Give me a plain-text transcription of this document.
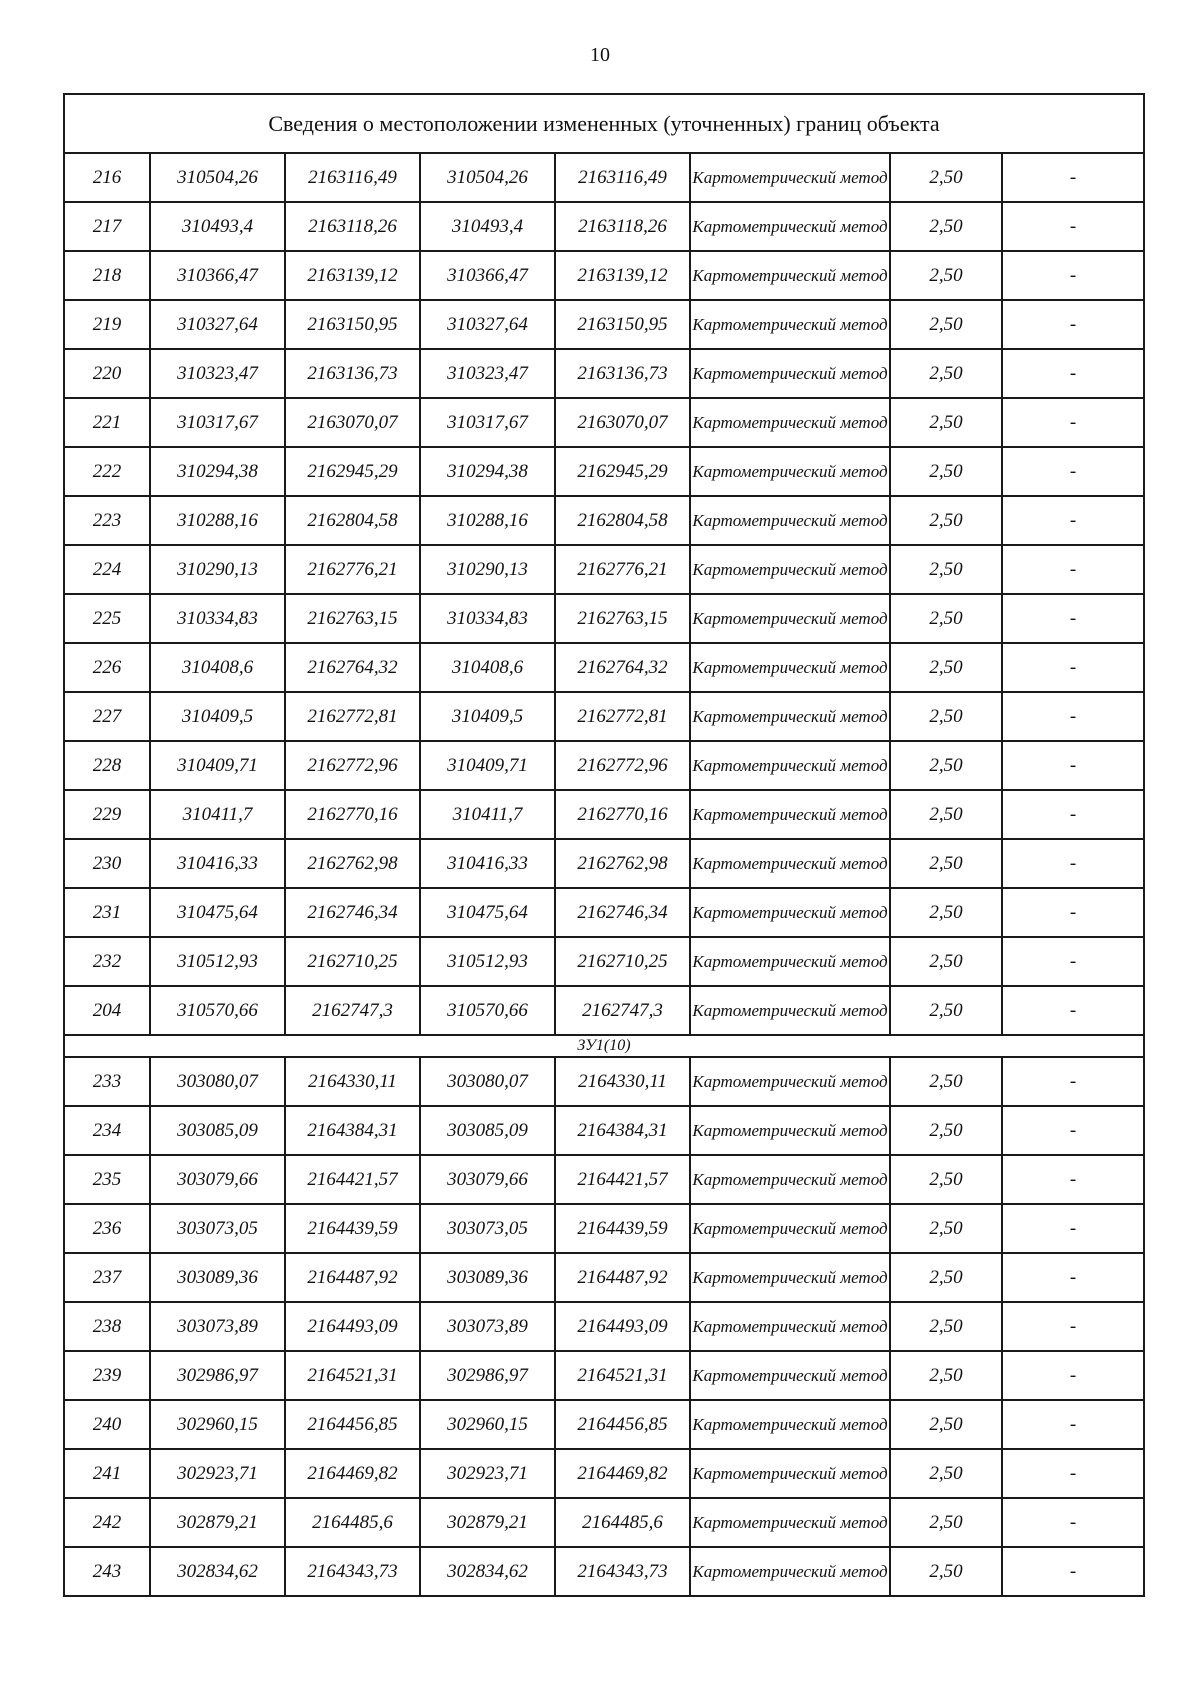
10
Сведения о местоположении измененных (уточненных) границ объекта							
216	310504,26	2163116,49	310504,26	2163116,49	Картометрический метод	2,50	-
217	310493,4	2163118,26	310493,4	2163118,26	Картометрический метод	2,50	-
218	310366,47	2163139,12	310366,47	2163139,12	Картометрический метод	2,50	-
219	310327,64	2163150,95	310327,64	2163150,95	Картометрический метод	2,50	-
220	310323,47	2163136,73	310323,47	2163136,73	Картометрический метод	2,50	-
221	310317,67	2163070,07	310317,67	2163070,07	Картометрический метод	2,50	-
222	310294,38	2162945,29	310294,38	2162945,29	Картометрический метод	2,50	-
223	310288,16	2162804,58	310288,16	2162804,58	Картометрический метод	2,50	-
224	310290,13	2162776,21	310290,13	2162776,21	Картометрический метод	2,50	-
225	310334,83	2162763,15	310334,83	2162763,15	Картометрический метод	2,50	-
226	310408,6	2162764,32	310408,6	2162764,32	Картометрический метод	2,50	-
227	310409,5	2162772,81	310409,5	2162772,81	Картометрический метод	2,50	-
228	310409,71	2162772,96	310409,71	2162772,96	Картометрический метод	2,50	-
229	310411,7	2162770,16	310411,7	2162770,16	Картометрический метод	2,50	-
230	310416,33	2162762,98	310416,33	2162762,98	Картометрический метод	2,50	-
231	310475,64	2162746,34	310475,64	2162746,34	Картометрический метод	2,50	-
232	310512,93	2162710,25	310512,93	2162710,25	Картометрический метод	2,50	-
204	310570,66	2162747,3	310570,66	2162747,3	Картометрический метод	2,50	-
ЗУ1(10)							
233	303080,07	2164330,11	303080,07	2164330,11	Картометрический метод	2,50	-
234	303085,09	2164384,31	303085,09	2164384,31	Картометрический метод	2,50	-
235	303079,66	2164421,57	303079,66	2164421,57	Картометрический метод	2,50	-
236	303073,05	2164439,59	303073,05	2164439,59	Картометрический метод	2,50	-
237	303089,36	2164487,92	303089,36	2164487,92	Картометрический метод	2,50	-
238	303073,89	2164493,09	303073,89	2164493,09	Картометрический метод	2,50	-
239	302986,97	2164521,31	302986,97	2164521,31	Картометрический метод	2,50	-
240	302960,15	2164456,85	302960,15	2164456,85	Картометрический метод	2,50	-
241	302923,71	2164469,82	302923,71	2164469,82	Картометрический метод	2,50	-
242	302879,21	2164485,6	302879,21	2164485,6	Картометрический метод	2,50	-
243	302834,62	2164343,73	302834,62	2164343,73	Картометрический метод	2,50	-
